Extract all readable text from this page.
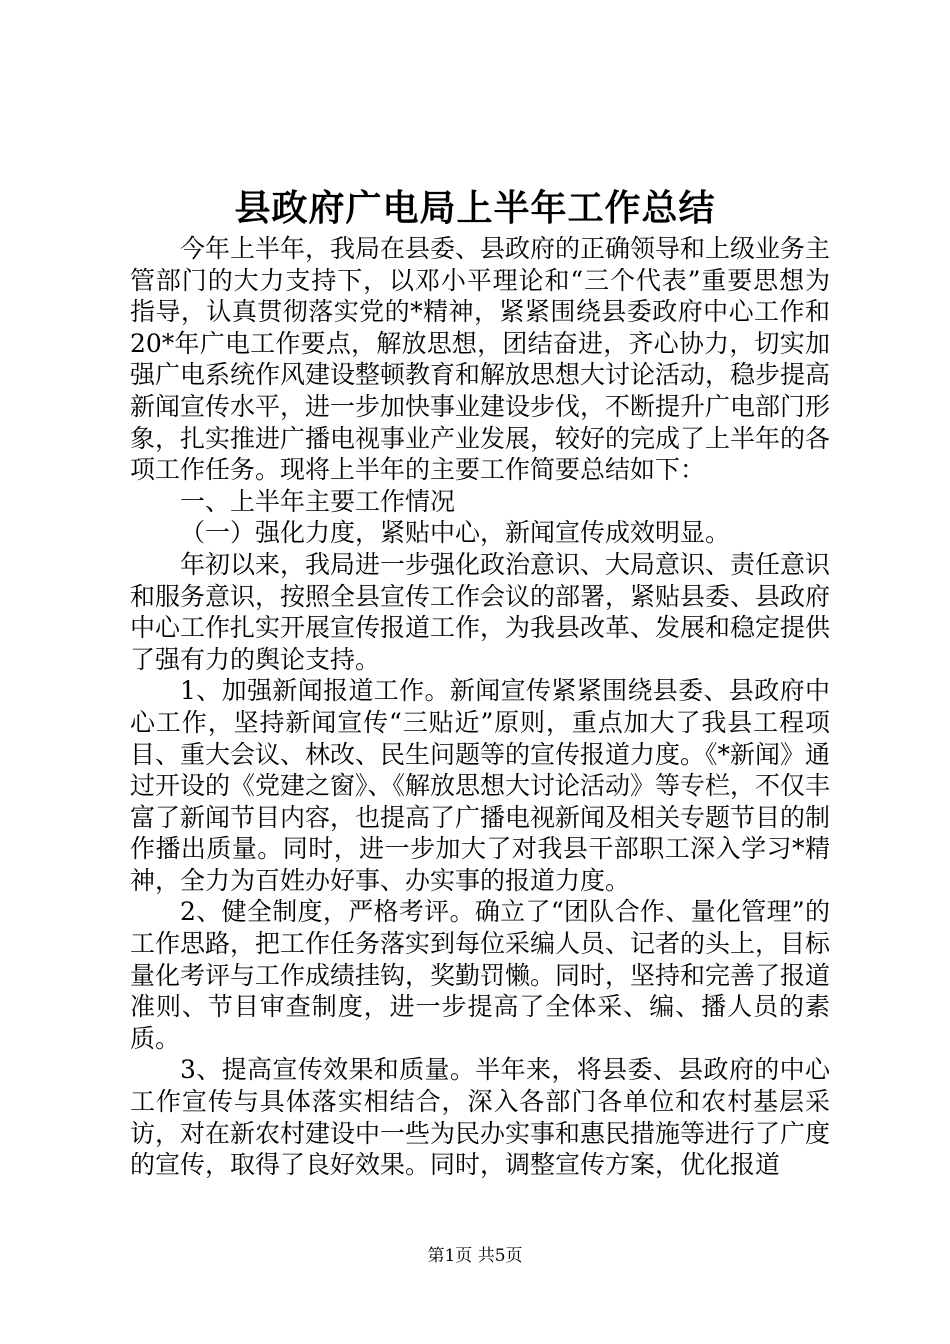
县政府广电局上半年工作总结

今年上半年，我局在县委、县政府的正确领导和上级业务主管部门的大力支持下，以邓小平理论和“三个代表”重要思想为指导，认真贯彻落实党的*精神，紧紧围绕县委政府中心工作和20*年广电工作要点，解放思想，团结奋进，齐心协力，切实加强广电系统作风建设整顿教育和解放思想大讨论活动，稳步提高新闻宣传水平，进一步加快事业建设步伐，不断提升广电部门形象，扎实推进广播电视事业产业发展，较好的完成了上半年的各项工作任务。现将上半年的主要工作简要总结如下：

一、上半年主要工作情况

（一）强化力度，紧贴中心，新闻宣传成效明显。

年初以来，我局进一步强化政治意识、大局意识、责任意识和服务意识，按照全县宣传工作会议的部署，紧贴县委、县政府中心工作扎实开展宣传报道工作，为我县改革、发展和稳定提供了强有力的舆论支持。

1、加强新闻报道工作。新闻宣传紧紧围绕县委、县政府中心工作，坚持新闻宣传“三贴近”原则，重点加大了我县工程项目、重大会议、林改、民生问题等的宣传报道力度。《*新闻》通过开设的《党建之窗》、《解放思想大讨论活动》等专栏，不仅丰富了新闻节目内容，也提高了广播电视新闻及相关专题节目的制作播出质量。同时，进一步加大了对我县干部职工深入学习*精神，全力为百姓办好事、办实事的报道力度。

2、健全制度，严格考评。确立了“团队合作、量化管理”的工作思路，把工作任务落实到每位采编人员、记者的头上，目标量化考评与工作成绩挂钩，奖勤罚懒。同时，坚持和完善了报道准则、节目审查制度，进一步提高了全体采、编、播人员的素质。

3、提高宣传效果和质量。半年来，将县委、县政府的中心工作宣传与具体落实相结合，深入各部门各单位和农村基层采访，对在新农村建设中一些为民办实事和惠民措施等进行了广度的宣传，取得了良好效果。同时，调整宣传方案，优化报道

第1页 共5页
